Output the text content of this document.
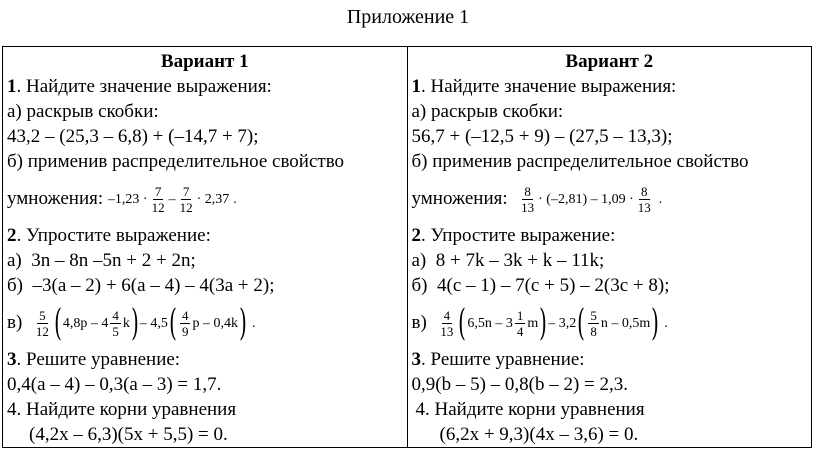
Приложение 1
Вариант 1
1. Найдите значение выражения:
а) раскрыв скобки:
43,2 – (25,3 – 6,8) + (–14,7 + 7);
б) применив распределительное свойство
умножения: $-1,23 \cdot \frac{7}{12} - \frac{7}{12} \cdot 2,37$ .
2. Упростите выражение:
а) 3n – 8n –5n + 2 + 2n;
б) –3(a – 2) + 6(a – 4) – 4(3a + 2);
$в) \frac{5}{12}$ ( $4,8p - 4 \frac{4}{5}$ k ) – 4,5 ( $\frac{4}{9}$ p – 0,4k ) .
3. Решите уравнение:
0,4(a – 4) – 0,3(a – 3) = 1,7.
4. Найдите корни уравнения
(4,2x – 6,3)(5x + 5,5) = 0.

Вариант 2
1. Найдите значение выражения:
а) раскрыв скобки:
56,7 + (–12,5 + 9) – (27,5 – 13,3);
б) применив распределительное свойство
умножения: $\frac{8}{13} \cdot (-2,81) - 1,09 \cdot \frac{8}{13}$ .
2. Упростите выражение:
а) 8 + 7k – 3k + k – 11k;
б) 4(c – 1) – 7(c + 5) – 2(3c + 8);
$в) \frac{4}{13}$ ( $6,5n - 3 \frac{1}{4}$ m ) – 3,2 ( $\frac{5}{8}$ n – 0,5m ) .
3. Решите уравнение:
0,9(b – 5) – 0,8(b – 2) = 2,3.
4. Найдите корни уравнения
(6,2x + 9,3)(4x – 3,6) = 0.
